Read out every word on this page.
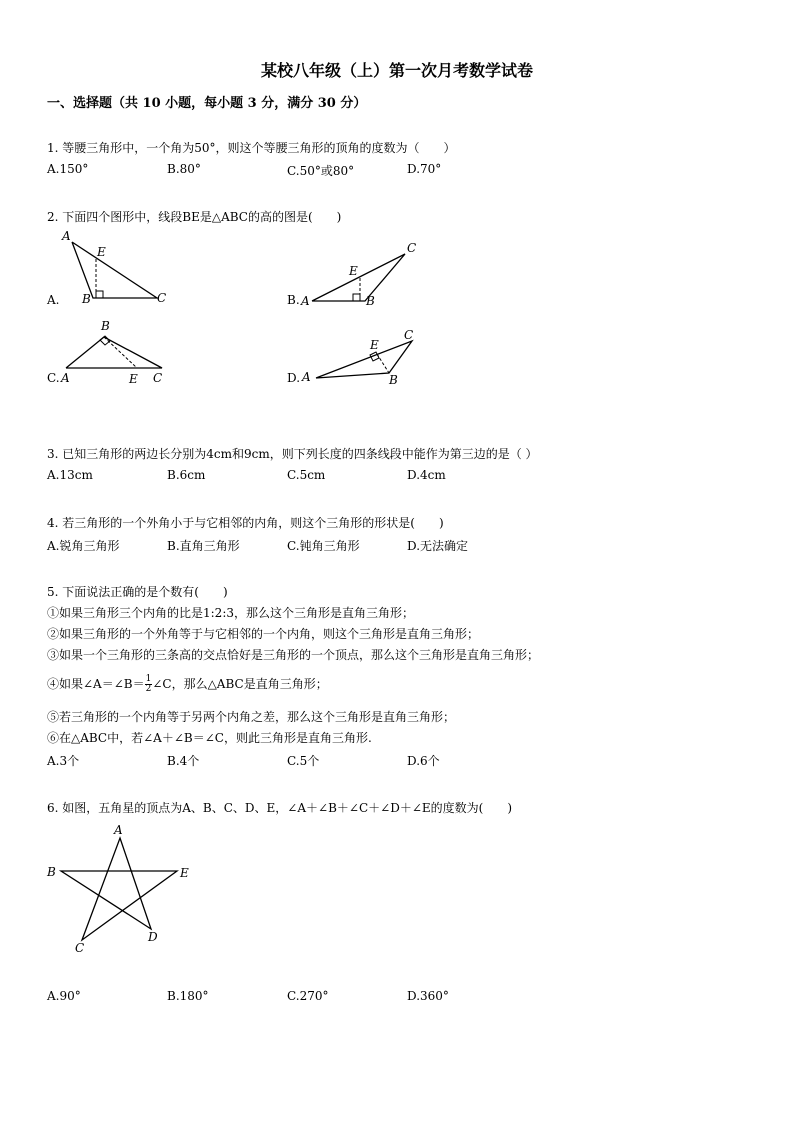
某校八年级（上）第一次月考数学试卷
一、选择题（共 10 小题，每小题 3 分，满分 30 分）
1. 等腰三角形中，一个角为50°，则这个等腰三角形的顶角的度数为（　　）
A.150°	B.80°	C.50°或80°	D.70°
2. 下面四个图形中，线段BE是△ABC的高的图是(　　)
A.
A
E
B	C	A
E
B
C
B
A	E C	A
E
B
C
B.
C.	D.
3. 已知三角形的两边长分别为4cm和9cm，则下列长度的四条线段中能作为第三边的是（ ）
A.13cm	B.6cm	C.5cm	D.4cm
4. 若三角形的一个外角小于与它相邻的内角，则这个三角形的形状是(　　)
A.锐角三角形	B.直角三角形	C.钝角三角形	D.无法确定
5. 下面说法正确的是个数有(　　)
①如果三角形三个内角的比是1:2:3，那么这个三角形是直角三角形；
②如果三角形的一个外角等于与它相邻的一个内角，则这个三角形是直角三角形；
③如果一个三角形的三条高的交点恰好是三角形的一个顶点，那么这个三角形是直角三角形；
④如果∠A＝∠B＝ $\frac{1}{2}$ ∠C，那么△ABC是直角三角形；
⑤若三角形的一个内角等于另两个内角之差，那么这个三角形是直角三角形；
⑥在△ABC中，若∠A＋∠B＝∠C，则此三角形是直角三角形.
A.3个	B.4个	C.5个	D.6个
6. 如图，五角星的顶点为A、B、C、D、E，∠A＋∠B＋∠C＋∠D＋∠E的度数为(　　)
A
B
C
D
E
A.90°	B.180°	C.270°	D.360°
